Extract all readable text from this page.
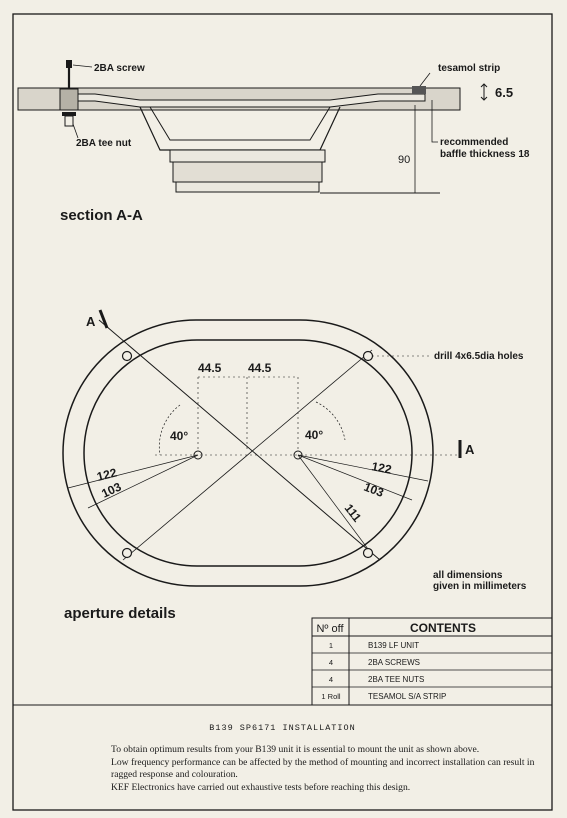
2BA screw
2BA tee nut
tesamol strip
6.5
recommended
baffle thickness 18
90
section A-A
44.5 44.5
40°	40°
122
103
122
103
111
A
A
drill 4x6.5dia holes
all dimensions
given in millimeters
aperture details
Nº off	CONTENTS
1	B139 LF UNIT
4	2BA SCREWS
4	2BA TEE NUTS
1 Roll	TESAMOL S/A STRIP
B139 SP6171 INSTALLATION

To obtain optimum results from your B139 unit it is essential to mount the unit as shown above.

Low frequency performance can be affected by the method of mounting and incorrect installation can result in ragged response and colouration.

KEF Electronics have carried out exhaustive tests before reaching this design.
